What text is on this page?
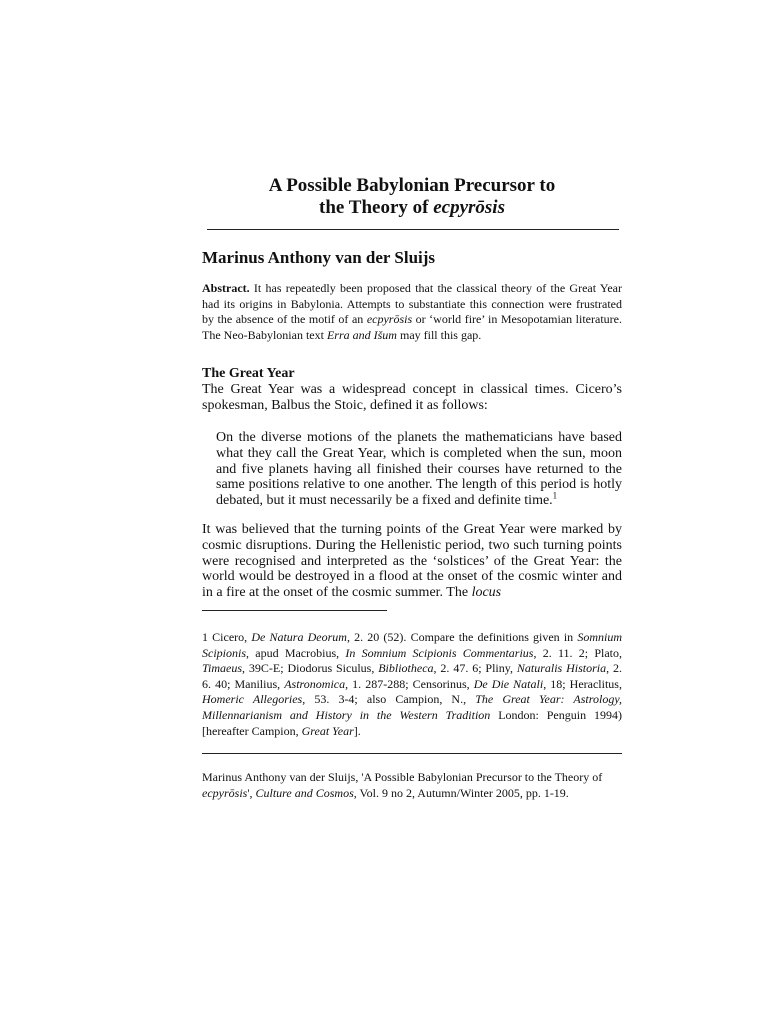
A Possible Babylonian Precursor to
the Theory of ecpyrōsis
Marinus Anthony van der Sluijs
Abstract. It has repeatedly been proposed that the classical theory of the Great Year had its origins in Babylonia. Attempts to substantiate this connection were frustrated by the absence of the motif of an ecpyrōsis or ‘world fire’ in Mesopotamian literature. The Neo-Babylonian text Erra and Išum may fill this gap.
The Great Year
The Great Year was a widespread concept in classical times. Cicero’s spokesman, Balbus the Stoic, defined it as follows:
On the diverse motions of the planets the mathematicians have based what they call the Great Year, which is completed when the sun, moon and five planets having all finished their courses have returned to the same positions relative to one another. The length of this period is hotly debated, but it must necessarily be a fixed and definite time.$^1$
It was believed that the turning points of the Great Year were marked by cosmic disruptions. During the Hellenistic period, two such turning points were recognised and interpreted as the ‘solstices’ of the Great Year: the world would be destroyed in a flood at the onset of the cosmic winter and in a fire at the onset of the cosmic summer. The locus
1 Cicero, De Natura Deorum, 2. 20 (52). Compare the definitions given in Somnium Scipionis, apud Macrobius, In Somnium Scipionis Commentarius, 2. 11. 2; Plato, Timaeus, 39C-E; Diodorus Siculus, Bibliotheca, 2. 47. 6; Pliny, Naturalis Historia, 2. 6. 40; Manilius, Astronomica, 1. 287-288; Censorinus, De Die Natali, 18; Heraclitus, Homeric Allegories, 53. 3-4; also Campion, N., The Great Year: Astrology, Millennarianism and History in the Western Tradition London: Penguin 1994) [hereafter Campion, Great Year].
Marinus Anthony van der Sluijs, 'A Possible Babylonian Precursor to the Theory of ecpyrōsis', Culture and Cosmos, Vol. 9 no 2, Autumn/Winter 2005, pp. 1-19.
